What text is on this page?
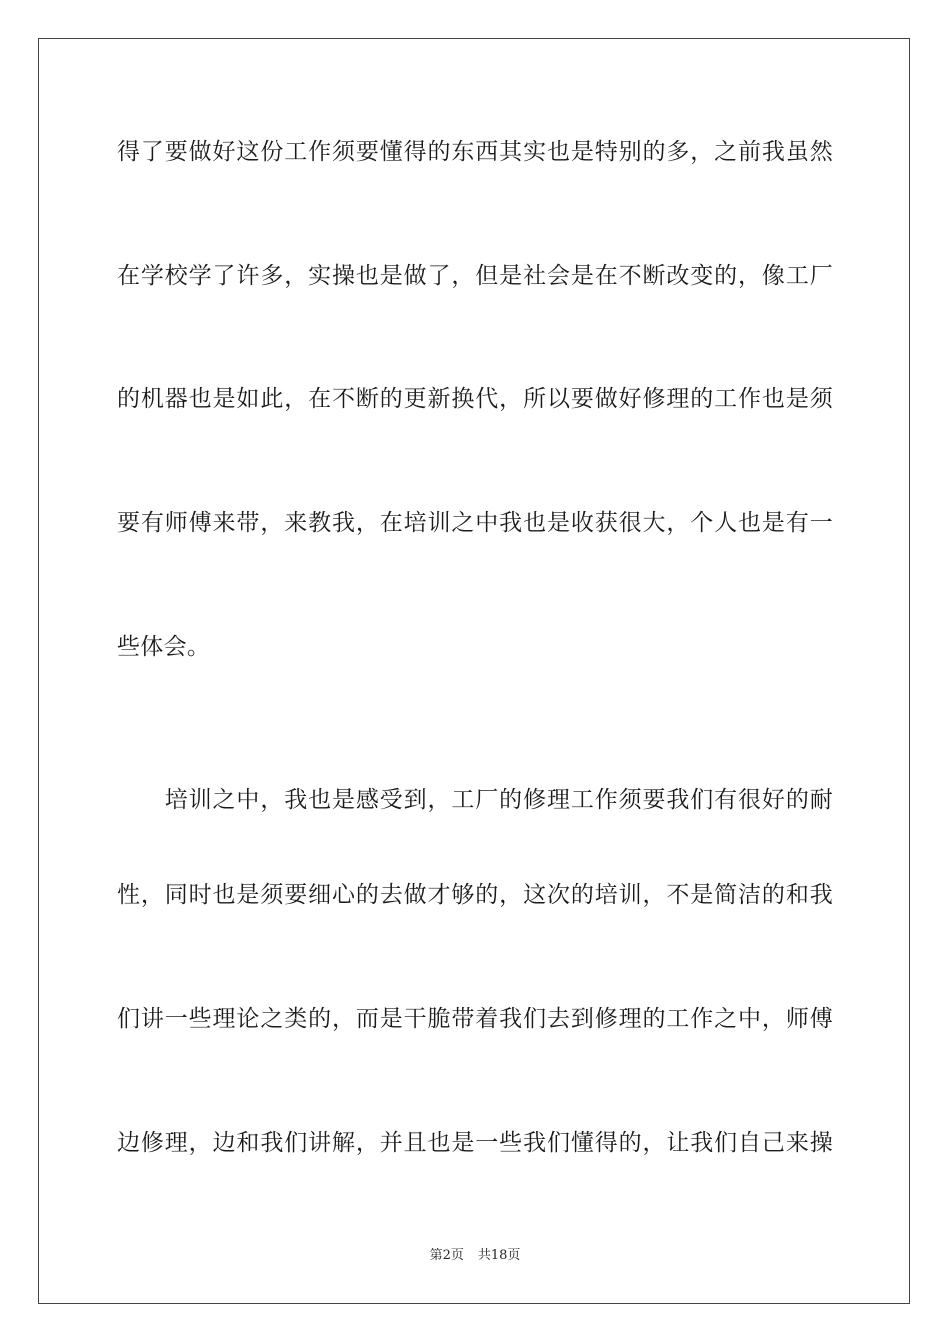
得了要做好这份工作须要懂得的东西其实也是特别的多，之前我虽然
在学校学了许多，实操也是做了，但是社会是在不断改变的，像工厂
的机器也是如此，在不断的更新换代，所以要做好修理的工作也是须
要有师傅来带，来教我，在培训之中我也是收获很大，个人也是有一
些体会。
　　培训之中，我也是感受到，工厂的修理工作须要我们有很好的耐
性，同时也是须要细心的去做才够的，这次的培训，不是简洁的和我
们讲一些理论之类的，而是干脆带着我们去到修理的工作之中，师傅
边修理，边和我们讲解，并且也是一些我们懂得的，让我们自己来操
第2页 共18页
